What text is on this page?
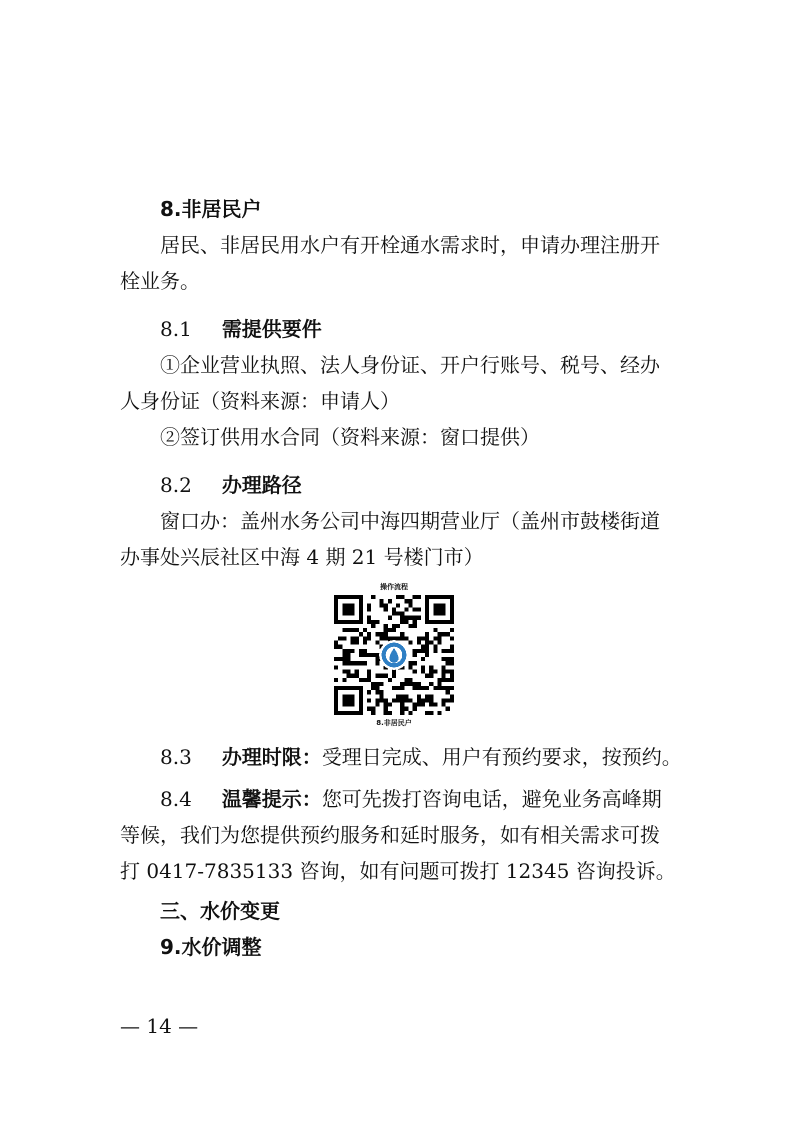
8.非居民户
居民、非居民用水户有开栓通水需求时，申请办理注册开
栓业务。
8.1 需提供要件
①企业营业执照、法人身份证、开户行账号、税号、经办
人身份证（资料来源：申请人）
②签订供用水合同（资料来源：窗口提供）
8.2 办理路径
窗口办：盖州水务公司中海四期营业厅（盖州市鼓楼街道
办事处兴辰社区中海 4 期 21 号楼门市）
操作流程
8.非居民户
8.3 办理时限：受理日完成、用户有预约要求，按预约。
8.4 温馨提示：您可先拨打咨询电话，避免业务高峰期
等候，我们为您提供预约服务和延时服务，如有相关需求可拨
打 0417-7835133 咨询，如有问题可拨打 12345 咨询投诉。
三、水价变更
9.水价调整
— 14 —
